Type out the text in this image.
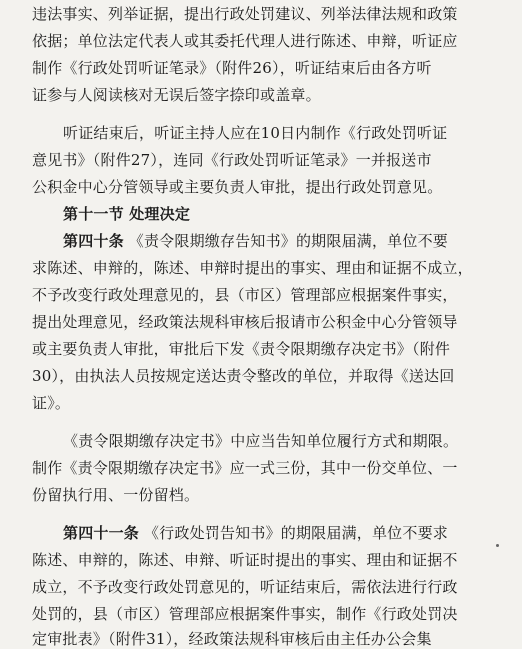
违法事实、列举证据，提出行政处罚建议、列举法律法规和政策
依据；单位法定代表人或其委托代理人进行陈述、申辩，听证应
制作《行政处罚听证笔录》（附件26），听证结束后由各方听
证参与人阅读核对无误后签字捺印或盖章。
听证结束后，听证主持人应在10日内制作《行政处罚听证
意见书》（附件27），连同《行政处罚听证笔录》一并报送市
公积金中心分管领导或主要负责人审批，提出行政处罚意见。
第十一节 处理决定
第四十条 《责令限期缴存告知书》的期限届满，单位不要
求陈述、申辩的，陈述、申辩时提出的事实、理由和证据不成立，
不予改变行政处理意见的，县（市区）管理部应根据案件事实，
提出处理意见，经政策法规科审核后报请市公积金中心分管领导
或主要负责人审批，审批后下发《责令限期缴存决定书》（附件
30），由执法人员按规定送达责令整改的单位，并取得《送达回
证》。
《责令限期缴存决定书》中应当告知单位履行方式和期限。
制作《责令限期缴存决定书》应一式三份，其中一份交单位、一
份留执行用、一份留档。
第四十一条 《行政处罚告知书》的期限届满，单位不要求
陈述、申辩的，陈述、申辩、听证时提出的事实、理由和证据不
成立，不予改变行政处罚意见的，听证结束后，需依法进行行政
处罚的，县（市区）管理部应根据案件事实，制作《行政处罚决
定审批表》（附件31），经政策法规科审核后由主任办公会集
